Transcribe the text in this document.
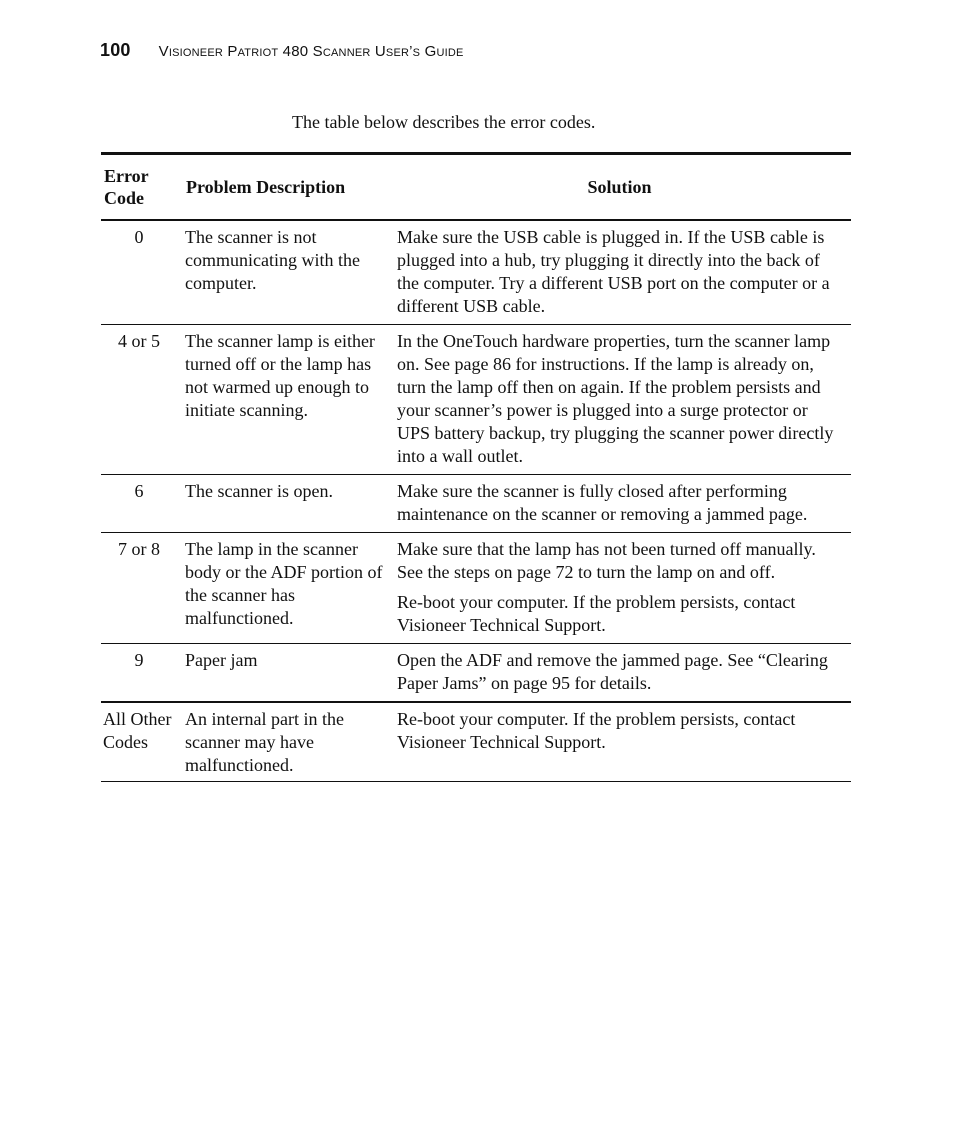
100 Visioneer Patriot 480 Scanner User’s Guide
The table below describes the error codes.
Error Code	Problem Description	Solution
0	The scanner is not communicating with the computer.	Make sure the USB cable is plugged in. If the USB cable is plugged into a hub, try plugging it directly into the back of the computer. Try a different USB port on the computer or a different USB cable.

4 or 5	The scanner lamp is either turned off or the lamp has not warmed up enough to initiate scanning.	In the OneTouch hardware properties, turn the scanner lamp on. See page 86 for instructions. If the lamp is already on, turn the lamp off then on again. If the problem persists and your scanner’s power is plugged into a surge protector or UPS battery backup, try plugging the scanner power directly into a wall outlet.

6	The scanner is open.	Make sure the scanner is fully closed after performing maintenance on the scanner or removing a jammed page.

7 or 8	The lamp in the scanner body or the ADF portion of the scanner has malfunctioned.	Make sure that the lamp has not been turned off manually. See the steps on page 72 to turn the lamp on and off.

Re-boot your computer. If the problem persists, contact Visioneer Technical Support.

9	Paper jam	Open the ADF and remove the jammed page. See “Clearing Paper Jams” on page 95 for details.

All Other Codes	An internal part in the scanner may have malfunctioned.	Re-boot your computer. If the problem persists, contact Visioneer Technical Support.
